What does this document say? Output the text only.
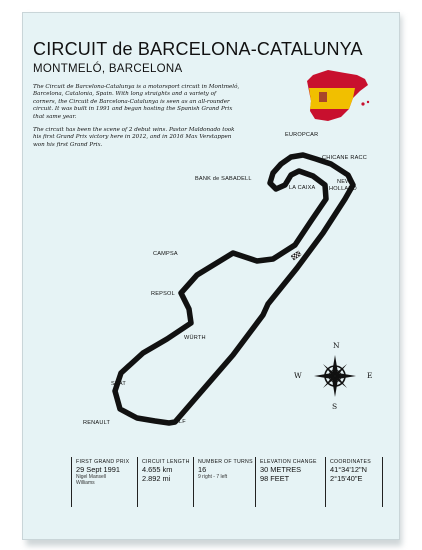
CIRCUIT de BARCELONA-CATALUNYA
MONTMELÓ, BARCELONA

The Circuit de Barcelona-Catalunya is a motorsport circuit in Montmeló, Barcelona, Catalonia, Spain. With long straights and a variety of corners, the Circuit de Barcelona-Catalunya is seen as an all-rounder circuit. It was built in 1991 and began hosting the Spanish Grand Prix that same year.

The circuit has been the scene of 2 debut wins. Pastor Maldonado took his first Grand Prix victory here in 2012, and in 2016 Max Verstappen won his first Grand Prix.

EUROPCAR
CHICANE RACC
NEW
HOLLAND
BANK de SABADELL
LA CAIXA
CAMPSA
REPSOL
WÜRTH
SEAT
RENAULT	ELF
N
E
S
W
FIRST GRAND PRIX
29 Sept 1991
Nigel Mansell
Williams
CIRCUIT LENGTH
4.655 km
2.892 mi
NUMBER OF TURNS
16
9 right - 7 left
ELEVATION CHANGE
30 METRES
98 FEET
COORDINATES
41°34'12"N
2°15'40"E
